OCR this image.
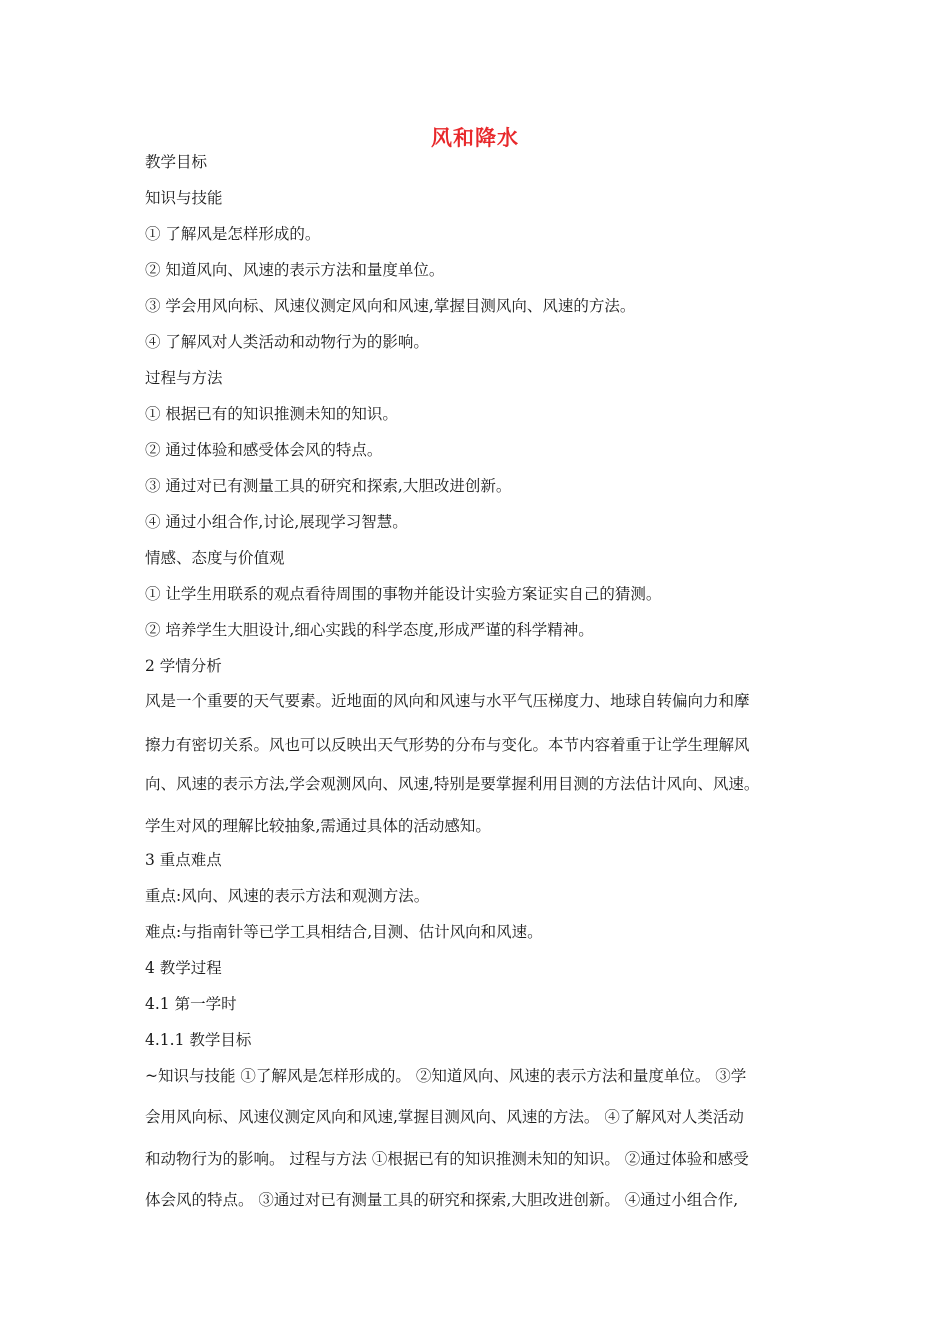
风和降水
教学目标
知识与技能
① 了解风是怎样形成的。
② 知道风向、风速的表示方法和量度单位。
③ 学会用风向标、风速仪测定风向和风速,掌握目测风向、风速的方法。
④ 了解风对人类活动和动物行为的影响。
过程与方法
① 根据已有的知识推测未知的知识。
② 通过体验和感受体会风的特点。
③ 通过对已有测量工具的研究和探索,大胆改进创新。
④ 通过小组合作,讨论,展现学习智慧。
情感、态度与价值观
① 让学生用联系的观点看待周围的事物并能设计实验方案证实自己的猜测。
② 培养学生大胆设计,细心实践的科学态度,形成严谨的科学精神。
2 学情分析
风是一个重要的天气要素。近地面的风向和风速与水平气压梯度力、地球自转偏向力和摩
擦力有密切关系。风也可以反映出天气形势的分布与变化。本节内容着重于让学生理解风
向、风速的表示方法,学会观测风向、风速,特别是要掌握利用目测的方法估计风向、风速。
学生对风的理解比较抽象,需通过具体的活动感知。
3 重点难点
重点:风向、风速的表示方法和观测方法。
难点:与指南针等已学工具相结合,目测、估计风向和风速。
4 教学过程
4.1 第一学时
4.1.1 教学目标
~知识与技能 ①了解风是怎样形成的。 ②知道风向、风速的表示方法和量度单位。 ③学
会用风向标、风速仪测定风向和风速,掌握目测风向、风速的方法。 ④了解风对人类活动
和动物行为的影响。 过程与方法 ①根据已有的知识推测未知的知识。 ②通过体验和感受
体会风的特点。 ③通过对已有测量工具的研究和探索,大胆改进创新。 ④通过小组合作,
